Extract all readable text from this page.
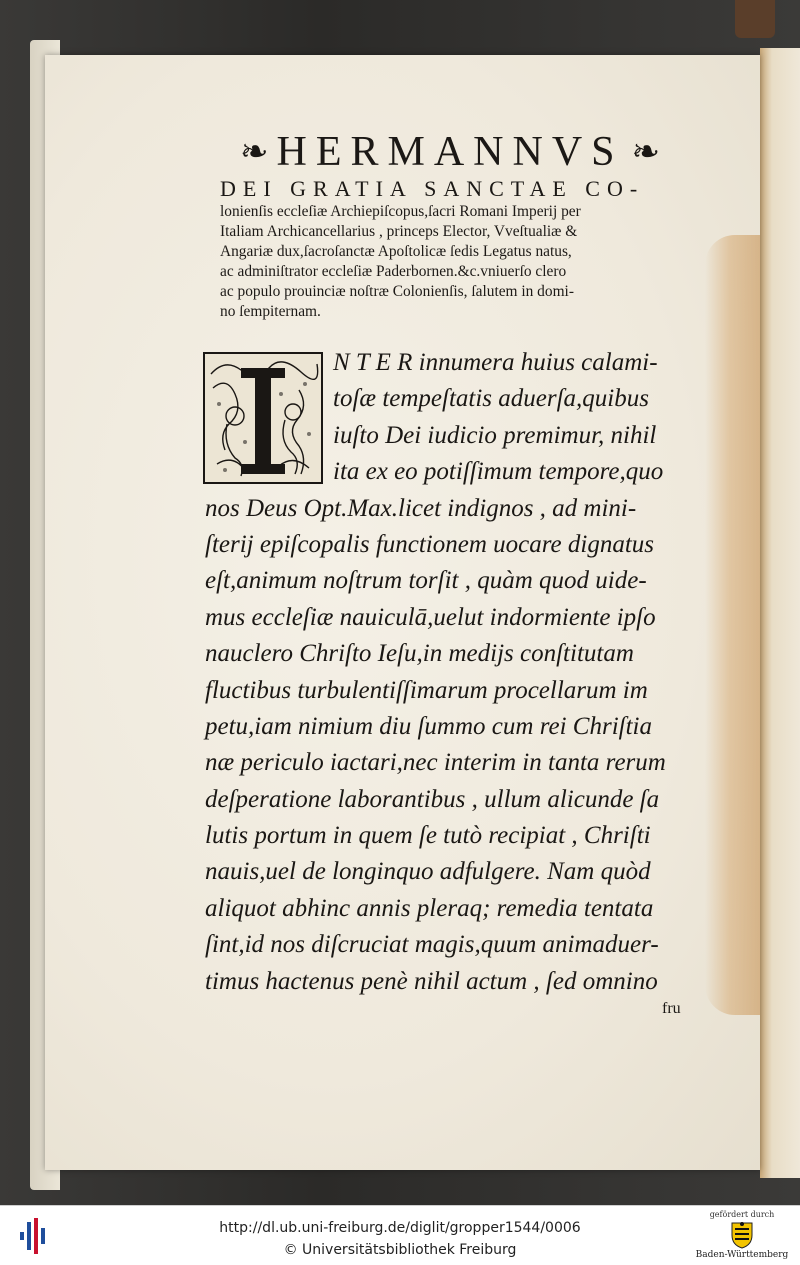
❧ HERMANNVS ❧
DEI GRATIA SANCTAE CO-
lonienſis eccleſiæ Archiepiſcopus,ſacri Romani Imperij per
Italiam Archicancellarius , princeps Elector, Vveſtualiæ &
Angariæ dux,ſacroſanctæ Apoſtolicæ ſedis Legatus natus,
ac adminiſtrator eccleſiæ Paderbornen.&c.vniuerſo clero
ac populo prouinciæ noſtræ Colonienſis, ſalutem in domi-
no ſempiternam.
N T E R innumera huius calami-
toſæ tempeſtatis aduerſa,quibus
iuſto Dei iudicio premimur, nihil
ita ex eo potiſſimum tempore,quo
nos Deus Opt.Max.licet indignos , ad mini-
ſterij epiſcopalis functionem uocare dignatus
eſt,animum noſtrum torſit , quàm quod uide-
mus eccleſiæ nauiculā,uelut indormiente ipſo
nauclero Chriſto Ieſu,in medijs conſtitutam
fluctibus turbulentiſſimarum procellarum im
petu,iam nimium diu ſummo cum rei Chriſtia
næ periculo iactari,nec interim in tanta rerum
deſperatione laborantibus , ullum alicunde ſa
lutis portum in quem ſe tutò recipiat , Chriſti
nauis,uel de longinquo adfulgere. Nam quòd
aliquot abhinc annis pleraq; remedia tentata
ſint,id nos diſcruciat magis,quum animaduer-
timus hactenus penè nihil actum , ſed omnino
fru
http://dl.ub.uni-freiburg.de/diglit/gropper1544/0006
© Universitätsbibliothek Freiburg
gefördert durch
Baden-Württemberg
